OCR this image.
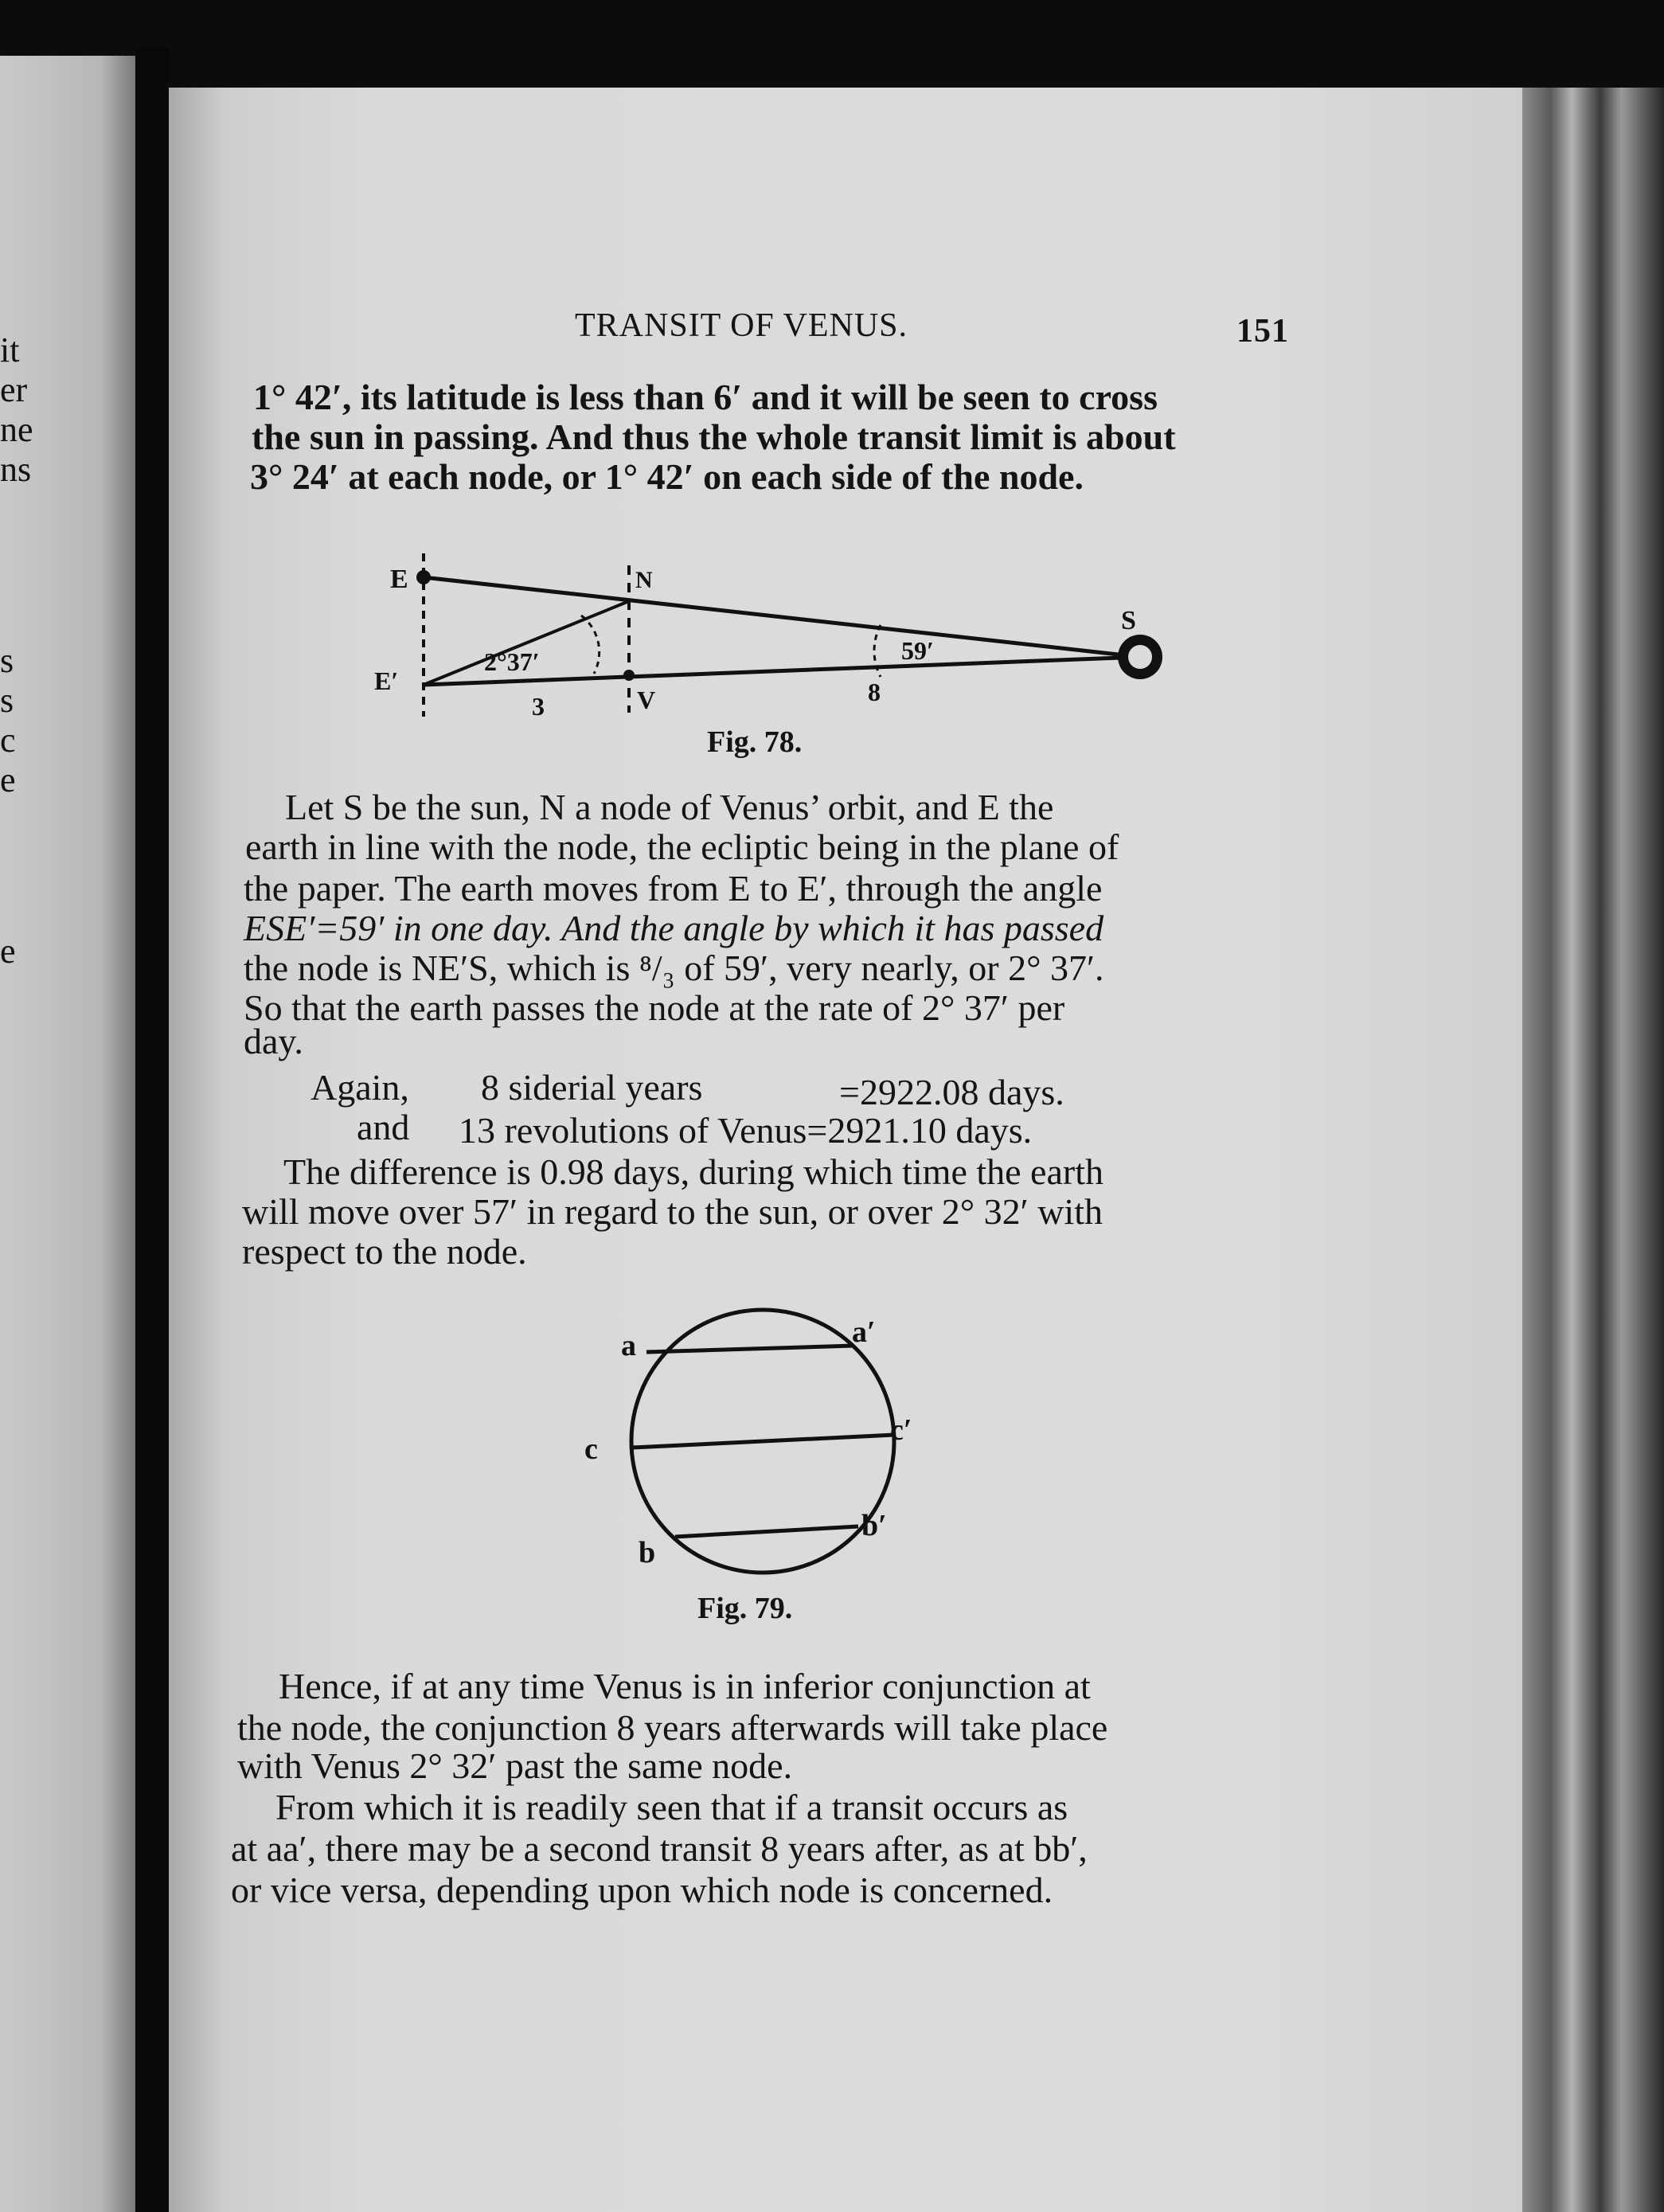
it
er
ne
ns
s
s
c
e
e
TRANSIT OF VENUS.	151
1° 42′, its latitude is less than 6′ and it will be seen to cross
the sun in passing. And thus the whole transit limit is about
3° 24′ at each node, or 1° 42′ on each side of the node.
E	N
S
E′
V
2°37′	59′
3	8
Fig. 78.
Let S be the sun, N a node of Venus’ orbit, and E the
earth in line with the node, the ecliptic being in the plane of
the paper. The earth moves from E to E′, through the angle
ESE′=59′ in one day. And the angle by which it has passed
the node is NE′S, which is ⁸/₃ of 59′, very nearly, or 2° 37′.
So that the earth passes the node at the rate of 2° 37′ per
day.
Again, 8 siderial years	=2922.08 days.
and 13 revolutions of Venus=2921.10 days.
The difference is 0.98 days, during which time the earth
will move over 57′ in regard to the sun, or over 2° 32′ with
respect to the node.
a	a′
c
c′
b
b′
Fig. 79.
Hence, if at any time Venus is in inferior conjunction at
the node, the conjunction 8 years afterwards will take place
with Venus 2° 32′ past the same node.
From which it is readily seen that if a transit occurs as
at aa′, there may be a second transit 8 years after, as at bb′,
or vice versa, depending upon which node is concerned.
